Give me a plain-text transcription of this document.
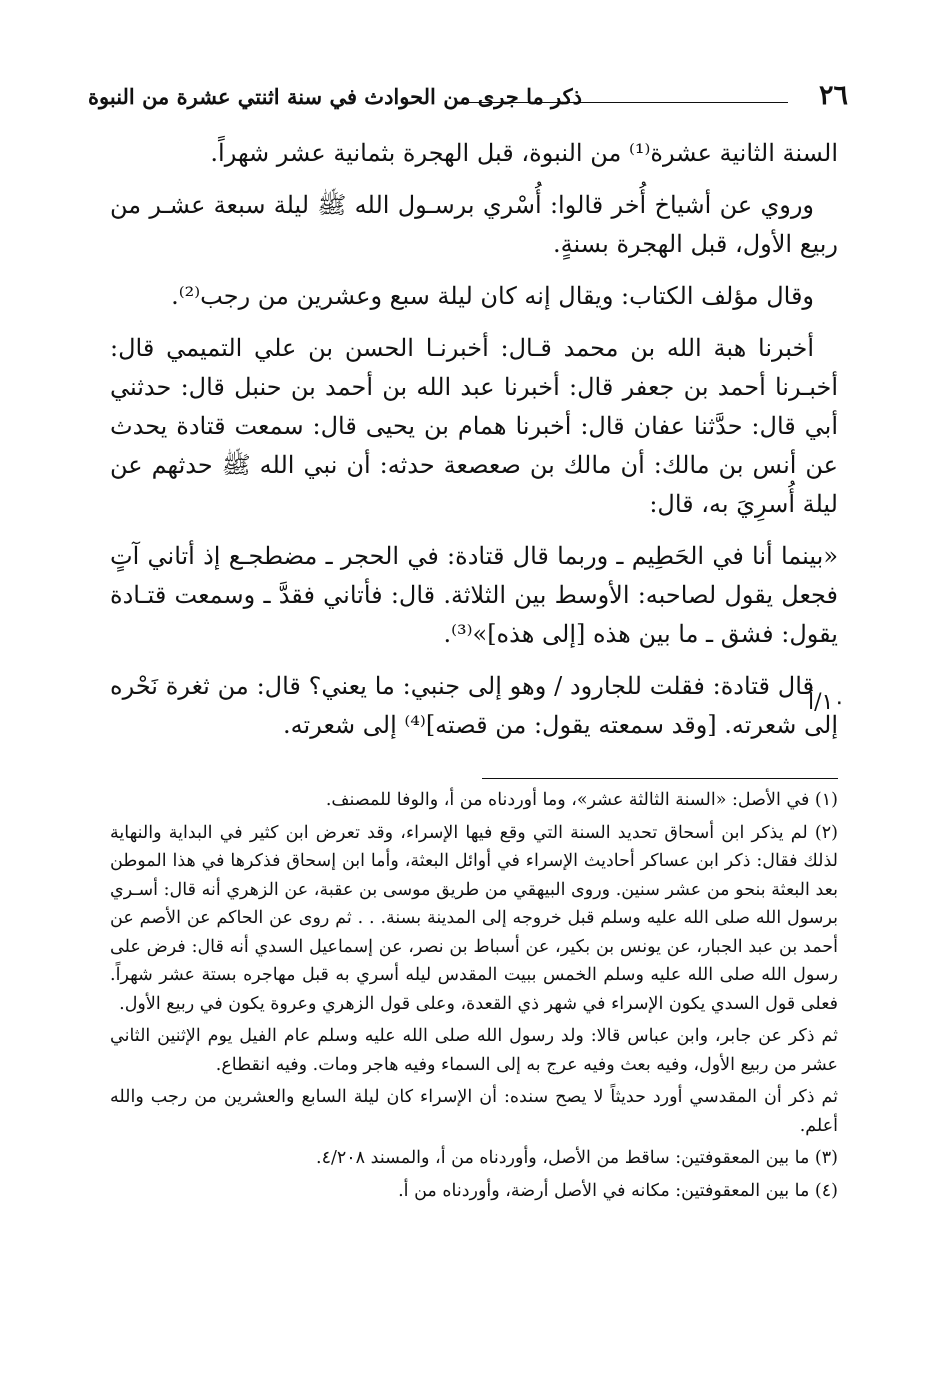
٢٦
ذكر ما جرى من الحوادث في سنة اثنتي عشرة من النبوة
١٠/أ

السنة الثانية عشرة⁽¹⁾ من النبوة، قبل الهجرة بثمانية عشر شهراً.

وروي عن أشياخ أُخر قالوا: أُسْري برسـول الله ﷺ ليلة سبعة عشـر من ربيع الأول، قبل الهجرة بسنةٍ.

وقال مؤلف الكتاب: ويقال إنه كان ليلة سبع وعشرين من رجب⁽²⁾.

أخبرنا هبة الله بن محمد قـال: أخبرنـا الحسن بن علي التميمي قال: أخبـرنا أحمد بن جعفر قال: أخبرنا عبد الله بن أحمد بن حنبل قال: حدثني أبي قال: حدَّثنا عفان قال: أخبرنا همام بن يحيى قال: سمعت قتادة يحدث عن أنس بن مالك: أن مالك بن صعصعة حدثه: أن نبي الله ﷺ حدثهم عن ليلة أُسرِيَ به، قال:

«بينما أنا في الحَطِيم ـ وربما قال قتادة: في الحجر ـ مضطجـع إذ أتاني آتٍ فجعل يقول لصاحبه: الأوسط بين الثلاثة. قال: فأتاني فقدَّ ـ وسمعت قتـادة يقول: فشق ـ ما بين هذه [إلى هذه]»⁽³⁾.

قال قتادة: فقلت للجارود / وهو إلى جنبي: ما يعني؟ قال: من ثغرة نَحْره إلى شعرته. [وقد سمعته يقول: من قصته]⁽⁴⁾ إلى شعرته.

(١) في الأصل: «السنة الثالثة عشر»، وما أوردناه من أ، والوفا للمصنف.

(٢) لم يذكر ابن أسحاق تحديد السنة التي وقع فيها الإسراء، وقد تعرض ابن كثير في البداية والنهاية لذلك فقال: ذكر ابن عساكر أحاديث الإسراء في أوائل البعثة، وأما ابن إسحاق فذكرها في هذا الموطن بعد البعثة بنحو من عشر سنين. وروى البيهقي من طريق موسى بن عقبة، عن الزهري أنه قال: أسـري برسول الله صلى الله عليه وسلم قبل خروجه إلى المدينة بسنة. . . ثم روى عن الحاكم عن الأصم عن أحمد بن عبد الجبار، عن يونس بن بكير، عن أسباط بن نصر، عن إسماعيل السدي أنه قال: فرض على رسول الله صلى الله عليه وسلم الخمس ببيت المقدس ليله أسري به قبل مهاجره بستة عشر شهراً. فعلى قول السدي يكون الإسراء في شهر ذي القعدة، وعلى قول الزهري وعروة يكون في ربيع الأول.

ثم ذكر عن جابر، وابن عباس قالا: ولد رسول الله صلى الله عليه وسلم عام الفيل يوم الإثنين الثاني عشر من ربيع الأول، وفيه بعث وفيه عرج به إلى السماء وفيه هاجر ومات. وفيه انقطاع.

ثم ذكر أن المقدسي أورد حديثاً لا يصح سنده: أن الإسراء كان ليلة السابع والعشرين من رجب والله أعلم.

(٣) ما بين المعقوفتين: ساقط من الأصل، وأوردناه من أ، والمسند ٤/٢٠٨.

(٤) ما بين المعقوفتين: مكانه في الأصل أرضة، وأوردناه من أ.
